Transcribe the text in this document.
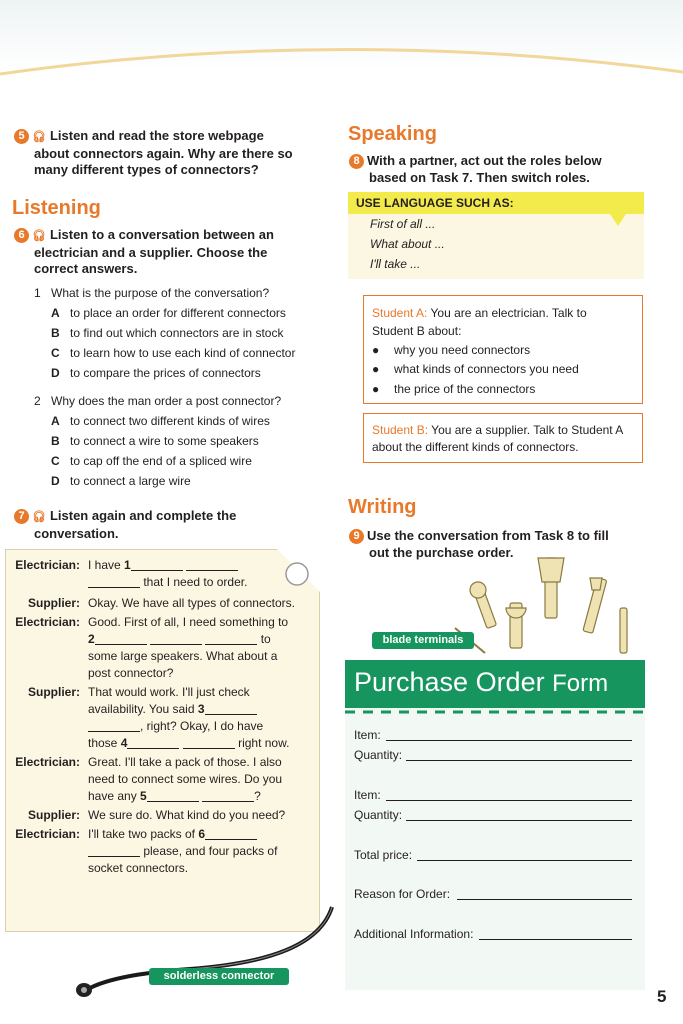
5 🎧︎ Listen and read the store webpage
about connectors again. Why are there so
many different types of connectors?
Listening
6 🎧︎ Listen to a conversation between an
electrician and a supplier. Choose the
correct answers.
1 What is the purpose of the conversation?
A to place an order for different connectors
B to find out which connectors are in stock
C to learn how to use each kind of connector
D to compare the prices of connectors
2 Why does the man order a post connector?
A to connect two different kinds of wires
B to connect a wire to some speakers
C to cap off the end of a spliced wire
D to connect a large wire
7 🎧︎ Listen again and complete the
conversation.
Electrician: I have 1
that I need to order.
Supplier: Okay. We have all types of connectors.
Electrician: Good. First of all, I need something to
2	to
some large speakers. What about a
post connector?
Supplier: That would work. I'll just check
availability. You said 3
, right? Okay, I do have
those 4	right now.
Electrician: Great. I'll take a pack of those. I also
need to connect some wires. Do you
have any 5	?
Supplier: We sure do. What kind do you need?
Electrician: I'll take two packs of 6
please, and four packs of
socket connectors.
solderless connector
Speaking
8 With a partner, act out the roles below
based on Task 7. Then switch roles.
USE LANGUAGE SUCH AS:
First of all ...
What about ...
I'll take ...
Student A: You are an electrician. Talk to
Student B about:
● why you need connectors
● what kinds of connectors you need
● the price of the connectors
Student B: You are a supplier. Talk to Student A
about the different kinds of connectors.
Writing
9 Use the conversation from Task 8 to fill
out the purchase order.
blade terminals
Purchase Order Form
Item:
Quantity:
Item:
Quantity:
Total price:
Reason for Order:
Additional Information:
5
